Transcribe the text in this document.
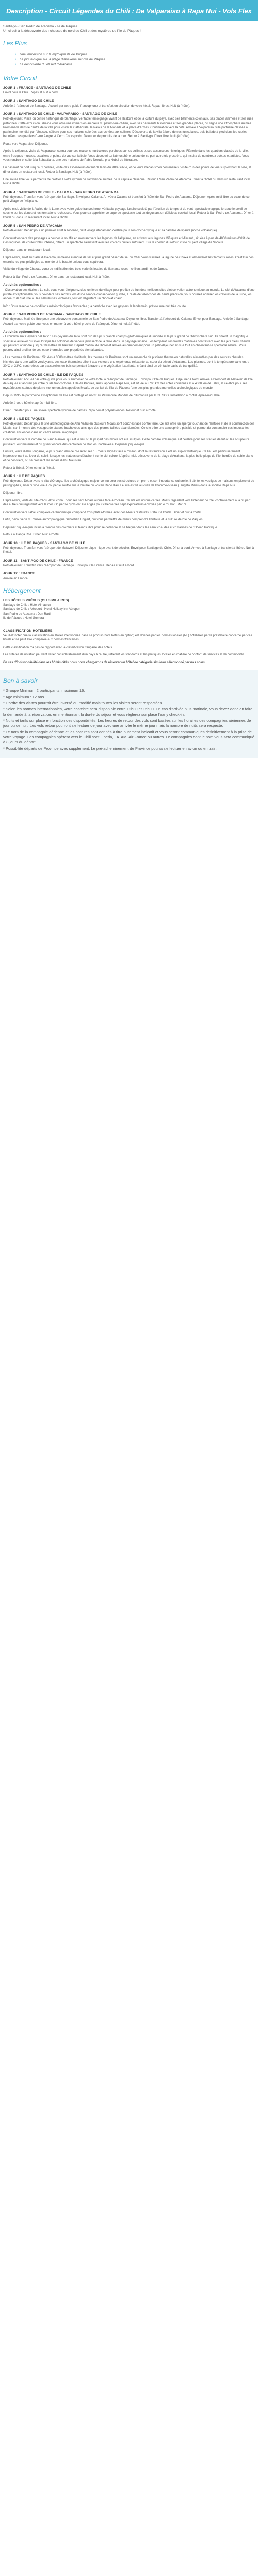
Description - Circuit Légendes du Chili : De Valparaiso à Rapa Nui - Vols Flex
Santiago - San Pedro de Atacama - Ile de Pâques
Un circuit à la découverte des richesses du nord du Chili et des mystères de l'île de Pâques !
Les Plus
• Une immersion sur la mythique île de Pâques
• Le pique-nique sur la plage d'Anakena sur l'île de Pâques
• La découverte du désert d'Atacama
Votre Circuit
JOUR 1 : FRANCE - SANTIAGO DE CHILE

Envol pour le Chili. Repas et nuit à bord.

JOUR 2 : SANTIAGO DE CHILE

Arrivée à l'aéroport de Santiago. Accueil par votre guide francophone et transfert en direction de votre hôtel. Repas libres. Nuit (à l'hôtel).

JOUR 3 : SANTIAGO DE CHILE - VALPARAISO - SANTIAGO DE CHILE

Petit-déjeuner. Visite du centre historique de Santiago. Véritable témoignage vivant de l'histoire et de la culture du pays, avec ses bâtiments coloniaux, ses places animées et ses rues piétonnes. Cette excursion urbaine vous offre une immersion au cœur du patrimoine chilien, avec ses bâtiments historiques et ses grandes places, où règne une atmosphère animée. Promenade dans le centre de la ville pour visiter la Cathédrale, le Palais de la Moneda et la place d'Armes. Continuation vers la côte. Arrivée à Valparaiso, ville portuaire classée au patrimoine mondial par l'Unesco, célèbre pour ses maisons colorées accrochées aux collines. Découverte de la ville à bord de ses funiculaires, puis balade à pied dans les ruelles bariolées des quartiers Cerro Alegre et Cerro Concepción. Déjeuner de produits de la mer. Retour à Santiago. Dîner libre. Nuit (à l'hôtel).

Route vers Valparaiso. Déjeuner.

Après le déjeuner, visite de Valparaiso, connu pour ses maisons multicolores perchées sur les collines et ses ascenseurs historiques. Flânerie dans les quartiers classés de la ville, entre fresques murales, escaliers et points de vue sur la baie. Vous découvrirez l'atmosphère unique de ce port autrefois prospère, qui inspira de nombreux poètes et artistes. Vous vous rendrez ensuite à la Sebastiana, une des maisons de Pablo Neruda, prix Nobel de littérature.

En passant du port jusqu'aux collines, visite des ascenseurs datant de la fin du XIXe siècle, et de leurs mécanismes centenaires. Visite d'un des points de vue surplombant la ville, et dîner dans un restaurant local. Retour à Santiago. Nuit (à l'hôtel).

Une soirée libre vous permettra de profiter à votre rythme de l'ambiance animée de la capitale chilienne. Retour à San Pedro de Atacama. Dîner à l'hôtel ou dans un restaurant local. Nuit à l'hôtel.

JOUR 4 : SANTIAGO DE CHILE - CALAMA - SAN PEDRO DE ATACAMA

Petit-déjeuner. Transfert vers l'aéroport de Santiago. Envol pour Calama. Arrivée à Calama et transfert à l'hôtel de San Pedro de Atacama. Déjeuner. Après-midi libre au cœur de ce petit village de l'Altiplano.

Après-midi, visite de la Vallée de la Lune avec votre guide francophone, véritable paysage lunaire sculpté par l'érosion du temps et du vent, spectacle magique lorsque le soleil se couche sur les dunes et les formations rocheuses. Vous pourrez apprécier ce superbe spectacle tout en dégustant un délicieux cocktail local. Retour à San Pedro de Atacama. Dîner à l'hôtel ou dans un restaurant local. Nuit à l'hôtel.

JOUR 5 : SAN PEDRO DE ATACAMA

Petit-déjeuner. Départ pour un premier arrêt à Toconao, petit village atacameño célèbre pour son clocher typique et sa carrière de liparite (roche volcanique).

Continuation vers des paysages à couper le souffle en montant vers les lagunes de l'altiplano, en arrivant aux lagunes Miñiques et Miscanti, situées à plus de 4000 mètres d'altitude. Ces lagunes, de couleur bleu intense, offrent un spectacle saisissant avec les volcans qui les entourent. Sur le chemin du retour, visite du petit village de Socaire.

Déjeuner dans un restaurant local.

L'après-midi, arrêt au Salar d'Atacama, immense étendue de sel et plus grand désert de sel du Chili. Vous visiterez la lagune de Chaxa et observerez les flamants roses. C'est l'un des endroits les plus privilégiés au monde et la beauté unique vous captivera.

Visite du village de Chaxas, zone de nidification des trois variétés locales de flamants roses : chilien, andin et de James.

Retour à San Pedro de Atacama. Dîner dans un restaurant local. Nuit à l'hôtel.

Activités optionnelles :

- Observation des étoiles : Le soir, vous vous éloignerez des lumières du village pour profiter de l'un des meilleurs sites d'observation astronomique au monde. Le ciel d'Atacama, d'une pureté exceptionnelle, vous dévoilera ses secrets lors d'une séance d'observation guidée, à l'aide de télescopes de haute précision, vous pourrez admirer les cratères de la Lune, les anneaux de Saturne ou les nébuleuses lointaines, tout en dégustant un chocolat chaud.

Info : Sous réserve de conditions météorologiques favorables ; la cambrée avec les geysers le lendemain, prévoir une nuit très courte.

JOUR 6 : SAN PEDRO DE ATACAMA - SANTIAGO DE CHILE

Petit-déjeuner. Matinée libre pour une découverte personnelle de San Pedro de Atacama. Déjeuner libre. Transfert à l'aéroport de Calama. Envol pour Santiago. Arrivée à Santiago. Accueil par votre guide pour vous emmener à votre hôtel proche de l'aéroport. Dîner et nuit à l'hôtel.

Activités optionnelles :

- Excursion aux Geysers del Tatio : Les geysers du Tatio sont l'un des plus grands champs géothermiques du monde et le plus grand de l'hémisphère sud. Ils offrent un magnifique spectacle au lever du soleil lorsque les colonnes de vapeur jaillissent de la terre dans un paysage lunaire. Les températures froides matinales contrastent avec les jets d'eau chaude qui peuvent atteindre jusqu'à 10 mètres de hauteur. Départ matinal de l'hôtel et arrivée au campement pour un petit-déjeuner en vue tout en observant ce spectacle naturel. Vous pourrez ainsi profiter de ces eaux thermales aux propriétés bienfaisantes.

- Les thermes de Puritama : Situées à 3500 mètres d'altitude, les thermes de Puritama sont un ensemble de piscines thermales naturelles alimentées par des sources chaudes. Nichées dans une vallée verdoyante, ces eaux thermales offrent aux visiteurs une expérience relaxante au cœur du désert d'Atacama. Les piscines, dont la température varie entre 30°C et 33°C, sont reliées par passerelles en bois serpentant à travers une végétation luxuriante, créant ainsi un véritable oasis de tranquillité.

JOUR 7 : SANTIAGO DE CHILE - ILE DE PAQUES

Petit-déjeuner. Accueil par votre guide pour vous emmener de votre hôtel à l'aéroport de Santiago. Envol pour l'île de Pâques. Déjeuner à bord. Arrivée à l'aéroport de Mataveri de l'île de Pâques et accueil par votre guide francophone. L'île de Pâques, aussi appelée Rapa Nui, est située à 3700 km des côtes chiliennes et à 4000 km de Tahiti, et célèbre pour ses mystérieuses statues de pierre monumentales appelées Moaïs, ce qui fait de l'île de Pâques l'une des plus grandes merveilles archéologiques du monde.

Depuis 1995, le patrimoine exceptionnel de l'île est protégé et inscrit au Patrimoine Mondial de l'Humanité par l'UNESCO. Installation à l'hôtel. Après-midi libre.

Arrivée à votre hôtel et après-midi libre.

Dîner. Transfert pour une soirée spectacle typique de danses Rapa Nui et polynésiennes. Retour et nuit à l'hôtel.

JOUR 8 : ILE DE PAQUES

Petit-déjeuner. Départ pour le site archéologique de Ahu Vaihu en plusieurs Moaïs sont couchés face contre terre. Ce site offre un aperçu touchant de l'histoire et de la construction des Moaïs, car il montre des vestiges de statues inachevées ainsi que des pierres taillées abandonnées. Ce site offre une atmosphère paisible et permet de contempler ces imposantes créations anciennes dans un cadre naturel magnifique.

Continuation vers la carrière de Rano Raraku, qui est le lieu où la plupart des moaïs ont été sculptés. Cette carrière volcanique est célèbre pour ses statues de tuf où les sculpteurs puisaient leur matériau et où gisent encore des centaines de statues inachevées. Déjeuner pique-nique.

Ensuite, visite d'Ahu Tongariki, le plus grand ahu de l'île avec ses 15 moaïs alignés face à l'océan, dont la restauration a été un exploit historique. Ce lieu est particulièrement impressionnant au lever du soleil, lorsque les statues se détachent sur le ciel coloré. L'après-midi, découverte de la plage d'Anakena, la plus belle plage de l'île, bordée de sable blanc et de cocotiers, où se dressent les moaïs d'Ahu Nau Nau.

Retour à l'hôtel. Dîner et nuit à l'hôtel.

JOUR 9 : ILE DE PAQUES

Petit-déjeuner. Départ vers le site d'Orongo, lieu archéologique majeur connu pour ses structures en pierre et son importance culturelle. Il abrite les vestiges de maisons en pierre et de pétroglyphes, ainsi qu'une vue à couper le souffle sur le cratère du volcan Rano Kau. Le site est lié au culte de l'homme-oiseau (Tangata Manu) dans la société Rapa Nui.

Déjeuner libre.

L'après-midi, visite du site d'Ahu Akivi, connu pour ses sept Moaïs alignés face à l'océan. Ce site est unique car les Moaïs regardent vers l'intérieur de l'île, contrairement à la plupart des autres qui regardent vers la mer. On pense qu'ils ont été érigés pour célébrer les sept explorateurs envoyés par le roi Hotu Matu'a.

Continuation vers Tahai, complexe cérémoniel qui comprend trois plates-formes avec des Moaïs restaurés. Retour à l'hôtel. Dîner et nuit à l'hôtel.

Enfin, découverte du musée anthropologique Sebastián Englert, qui vous permettra de mieux comprendre l'histoire et la culture de l'île de Pâques.

Déjeuner pique-nique inclus à l'ombre des cocotiers et temps libre pour se détendre et se baigner dans les eaux chaudes et cristallines de l'Océan Pacifique.

Retour à Hanga Roa. Dîner. Nuit à l'hôtel.

JOUR 10 : ILE DE PAQUES - SANTIAGO DE CHILE

Petit-déjeuner. Transfert vers l'aéroport de Mataveri. Déjeuner pique-nique avant de décoller. Envol pour Santiago de Chile. Dîner à bord. Arrivée à Santiago et transfert à l'hôtel. Nuit à l'hôtel.

JOUR 11 : SANTIAGO DE CHILE - FRANCE

Petit-déjeuner. Transfert vers l'aéroport de Santiago. Envol pour la France. Repas et nuit à bord.

JOUR 12 : FRANCE

Arrivée en France.

Hébergement
LES HÔTELS PRÉVUS (OU SIMILAIRES)

Santiago de Chile : Hotel Almacruz

Santiago de Chile / Aéroport : Hotel Holiday Inn Aéroport

San Pedro de Atacama : Don Raúl

Ile de Pâques : Hotel Gomera

CLASSIFICATION HÔTELIÈRE

Veuillez noter que la classification en étoiles mentionnée dans ce produit (hors hôtels en option) est donnée par les normes locales (NL) hôtelières par le prestataire concerné par ces hôtels et ne peut être comparée aux normes françaises.

Cette classification n'a pas de rapport avec la classification française des hôtels.

Les critères de notation peuvent varier considérablement d'un pays à l'autre, reflétant les standards et les pratiques locales en matière de confort, de services et de commodités.

En cas d'indisponibilité dans les hôtels cités nous nous chargerons de réserver un hôtel de catégorie similaire sélectionné par nos soins.

Bon à savoir
* Groupe Minimum 2 participants, maximum 16.
* Age minimum : 12 ans
* L'ordre des visites pourrait être inversé ou modifié mais toutes les visites seront respectées.
* Selon les normes internationales, votre chambre sera disponible entre 12h30 et 15h00. En cas d'arrivée plus matinale, vous devez donc en faire la demande à la réservation, en mentionnant la durée du séjour et vous réglerez sur place l'early check-in.
* Nuits et tarifs sur place en fonction des disponibilités. Les heures de retour des vols sont basées sur les horaires des compagnies aériennes de jour ou de nuit. Les vols retour pourront s'effectuer de jour avec une arrivée le même jour mais la nombre de nuits sera respecté.
* Le nom de la compagnie aérienne et les horaires sont donnés à titre purement indicatif et vous seront communiqués définitivement à la prise de votre voyage. Les compagnies opèrent vers le Chili sont : Iberia, LATAM, Air France ou autres. Le compagnies dont le nom vous sera communiqué à 8 jours du départ.
* Possibilité départs de Province avec supplément. Le pré-acheminement de Province pourra s'effectuer en avion ou en train.
